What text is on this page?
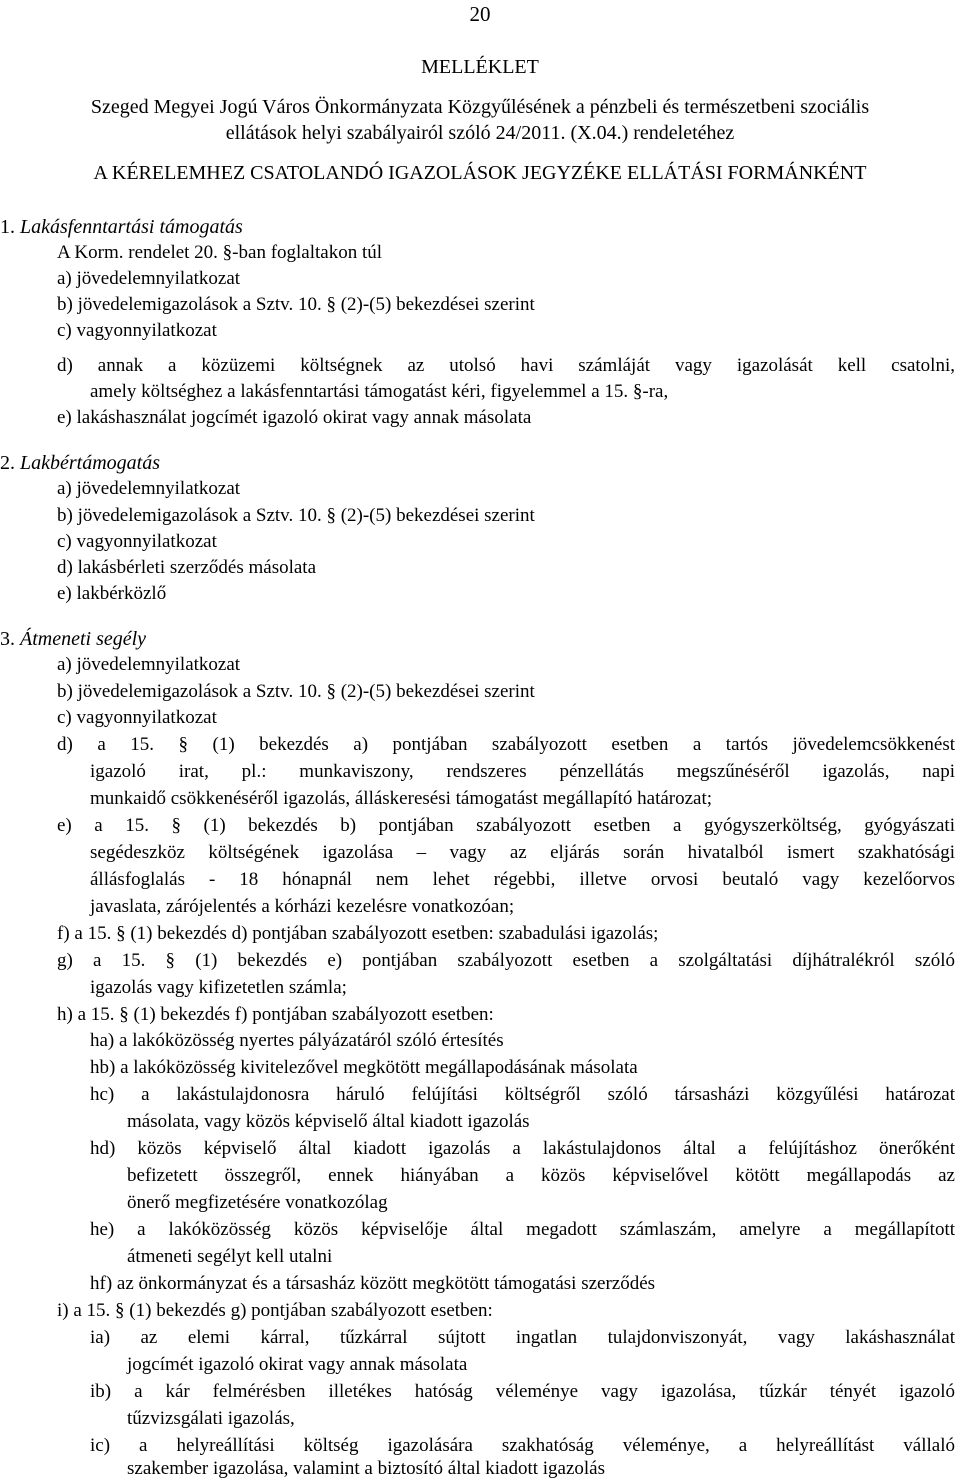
20
MELLÉKLET
Szeged Megyei Jogú Város Önkormányzata Közgyűlésének a pénzbeli és természetbeni szociális
ellátások helyi szabályairól szóló 24/2011. (X.04.) rendeletéhez
A KÉRELEMHEZ CSATOLANDÓ IGAZOLÁSOK JEGYZÉKE ELLÁTÁSI FORMÁNKÉNT
1. Lakásfenntartási támogatás
A Korm. rendelet 20. §-ban foglaltakon túl
a) jövedelemnyilatkozat
b) jövedelemigazolások a Sztv. 10. § (2)-(5) bekezdései szerint
c) vagyonnyilatkozat
d) annak a közüzemi költségnek az utolsó havi számláját vagy igazolását kell csatolni,
amely költséghez a lakásfenntartási támogatást kéri, figyelemmel a 15. §-ra,
e) lakáshasználat jogcímét igazoló okirat vagy annak másolata
2. Lakbértámogatás
a) jövedelemnyilatkozat
b) jövedelemigazolások a Sztv. 10. § (2)-(5) bekezdései szerint
c) vagyonnyilatkozat
d) lakásbérleti szerződés másolata
e) lakbérközlő
3. Átmeneti segély
a) jövedelemnyilatkozat
b) jövedelemigazolások a Sztv. 10. § (2)-(5) bekezdései szerint
c) vagyonnyilatkozat
d) a 15. § (1) bekezdés a) pontjában szabályozott esetben a tartós jövedelemcsökkenést
igazoló irat, pl.: munkaviszony, rendszeres pénzellátás megszűnéséről igazolás, napi
munkaidő csökkenéséről igazolás, álláskeresési támogatást megállapító határozat;
e) a 15. § (1) bekezdés b) pontjában szabályozott esetben a gyógyszerköltség, gyógyászati
segédeszköz költségének igazolása – vagy az eljárás során hivatalból ismert szakhatósági
állásfoglalás - 18 hónapnál nem lehet régebbi, illetve orvosi beutaló vagy kezelőorvos
javaslata, zárójelentés a kórházi kezelésre vonatkozóan;
f) a 15. § (1) bekezdés d) pontjában szabályozott esetben: szabadulási igazolás;
g) a 15. § (1) bekezdés e) pontjában szabályozott esetben a szolgáltatási díjhátralékról szóló
igazolás vagy kifizetetlen számla;
h) a 15. § (1) bekezdés f) pontjában szabályozott esetben:
ha) a lakóközösség nyertes pályázatáról szóló értesítés
hb) a lakóközösség kivitelezővel megkötött megállapodásának másolata
hc) a lakástulajdonosra háruló felújítási költségről szóló társasházi közgyűlési határozat
másolata, vagy közös képviselő által kiadott igazolás
hd) közös képviselő által kiadott igazolás a lakástulajdonos által a felújításhoz önerőként
befizetett összegről, ennek hiányában a közös képviselővel kötött megállapodás az
önerő megfizetésére vonatkozólag
he) a lakóközösség közös képviselője által megadott számlaszám, amelyre a megállapított
átmeneti segélyt kell utalni
hf) az önkormányzat és a társasház között megkötött támogatási szerződés
i) a 15. § (1) bekezdés g) pontjában szabályozott esetben:
ia) az elemi kárral, tűzkárral sújtott ingatlan tulajdonviszonyát, vagy lakáshasználat
jogcímét igazoló okirat vagy annak másolata
ib) a kár felmérésben illetékes hatóság véleménye vagy igazolása, tűzkár tényét igazoló
tűzvizsgálati igazolás,
ic) a helyreállítási költség igazolására szakhatóság véleménye, a helyreállítást vállaló
szakember igazolása, valamint a biztosító által kiadott igazolás
